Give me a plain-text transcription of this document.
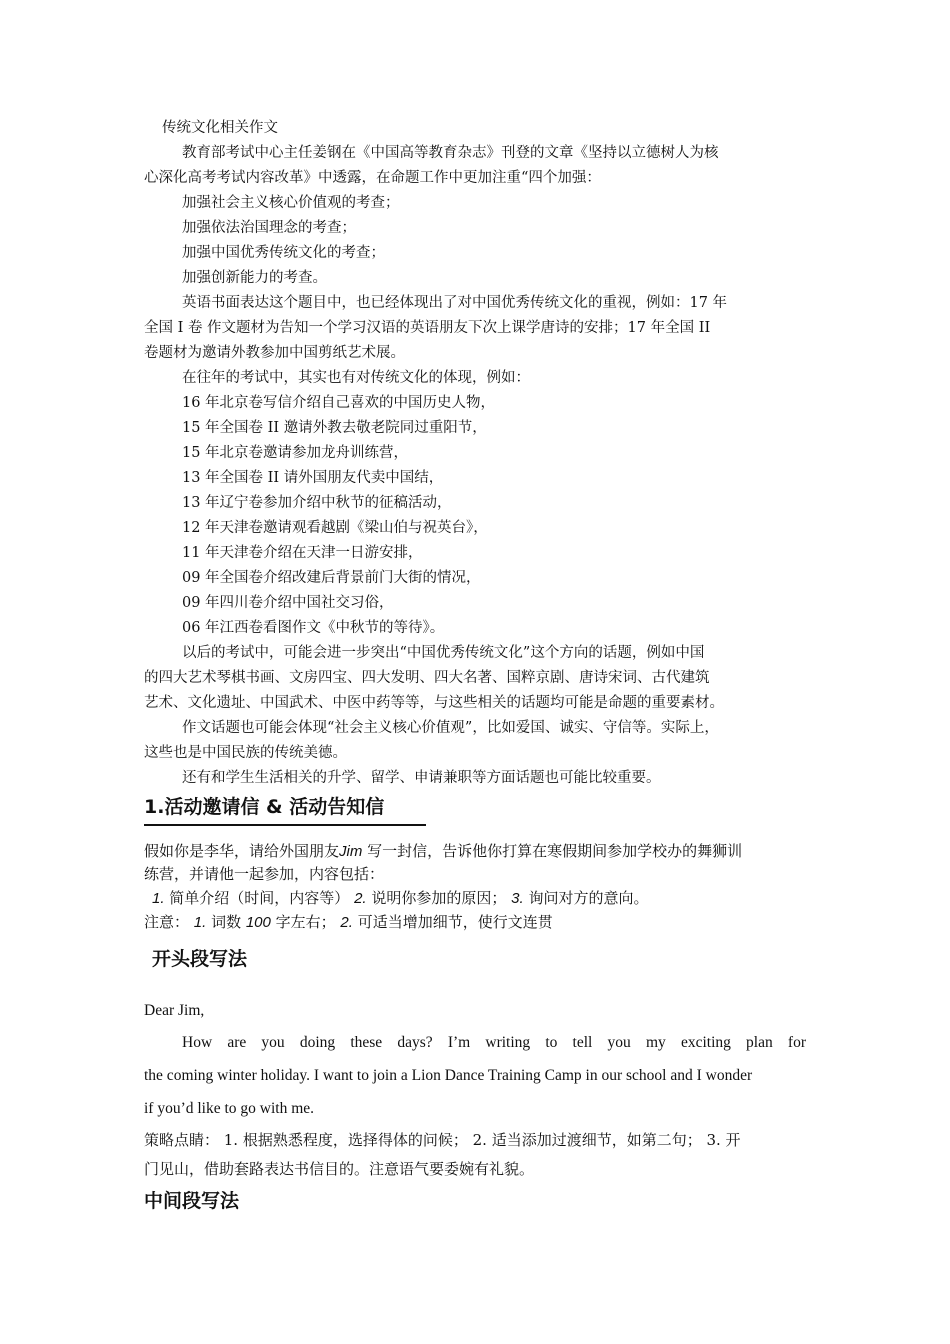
传统文化相关作文
教育部考试中心主任姜钢在《中国高等教育杂志》刊登的文章《坚持以立德树人为核
心深化高考考试内容改革》中透露，在命题工作中更加注重“四个加强：
加强社会主义核心价值观的考查；
加强依法治国理念的考查；
加强中国优秀传统文化的考查；
加强创新能力的考查。
英语书面表达这个题目中，也已经体现出了对中国优秀传统文化的重视，例如：17 年
全国 I 卷 作文题材为告知一个学习汉语的英语朋友下次上课学唐诗的安排；17 年全国 II
卷题材为邀请外教参加中国剪纸艺术展。
在往年的考试中，其实也有对传统文化的体现，例如：
16 年北京卷写信介绍自己喜欢的中国历史人物，
15 年全国卷 II 邀请外教去敬老院同过重阳节，
15 年北京卷邀请参加龙舟训练营，
13 年全国卷 II 请外国朋友代卖中国结，
13 年辽宁卷参加介绍中秋节的征稿活动，
12 年天津卷邀请观看越剧《梁山伯与祝英台》，
11 年天津卷介绍在天津一日游安排，
09 年全国卷介绍改建后背景前门大街的情况，
09 年四川卷介绍中国社交习俗，
06 年江西卷看图作文《中秋节的等待》。
以后的考试中，可能会进一步突出“中国优秀传统文化”这个方向的话题，例如中国
的四大艺术琴棋书画、文房四宝、四大发明、四大名著、国粹京剧、唐诗宋词、古代建筑
艺术、文化遗址、中国武术、中医中药等等，与这些相关的话题均可能是命题的重要素材。
作文话题也可能会体现“社会主义核心价值观”，比如爱国、诚实、守信等。实际上，
这些也是中国民族的传统美德。
还有和学生生活相关的升学、留学、申请兼职等方面话题也可能比较重要。
1.活动邀请信 & 活动告知信
假如你是李华，请给外国朋友Jim 写一封信，告诉他你打算在寒假期间参加学校办的舞狮训
练营，并请他一起参加，内容包括：
1. 简单介绍（时间，内容等） 2. 说明你参加的原因； 3. 询问对方的意向。
注意： 1. 词数 100 字左右； 2. 可适当增加细节，使行文连贯
开头段写法
Dear Jim,
How are you doing these days? I’m writing to tell you my exciting plan for
the coming winter holiday. I want to join a Lion Dance Training Camp in our school and I wonder
if you’d like to go with me.
策略点睛： 1. 根据熟悉程度，选择得体的问候； 2. 适当添加过渡细节，如第二句； 3. 开
门见山，借助套路表达书信目的。注意语气要委婉有礼貌。
中间段写法
